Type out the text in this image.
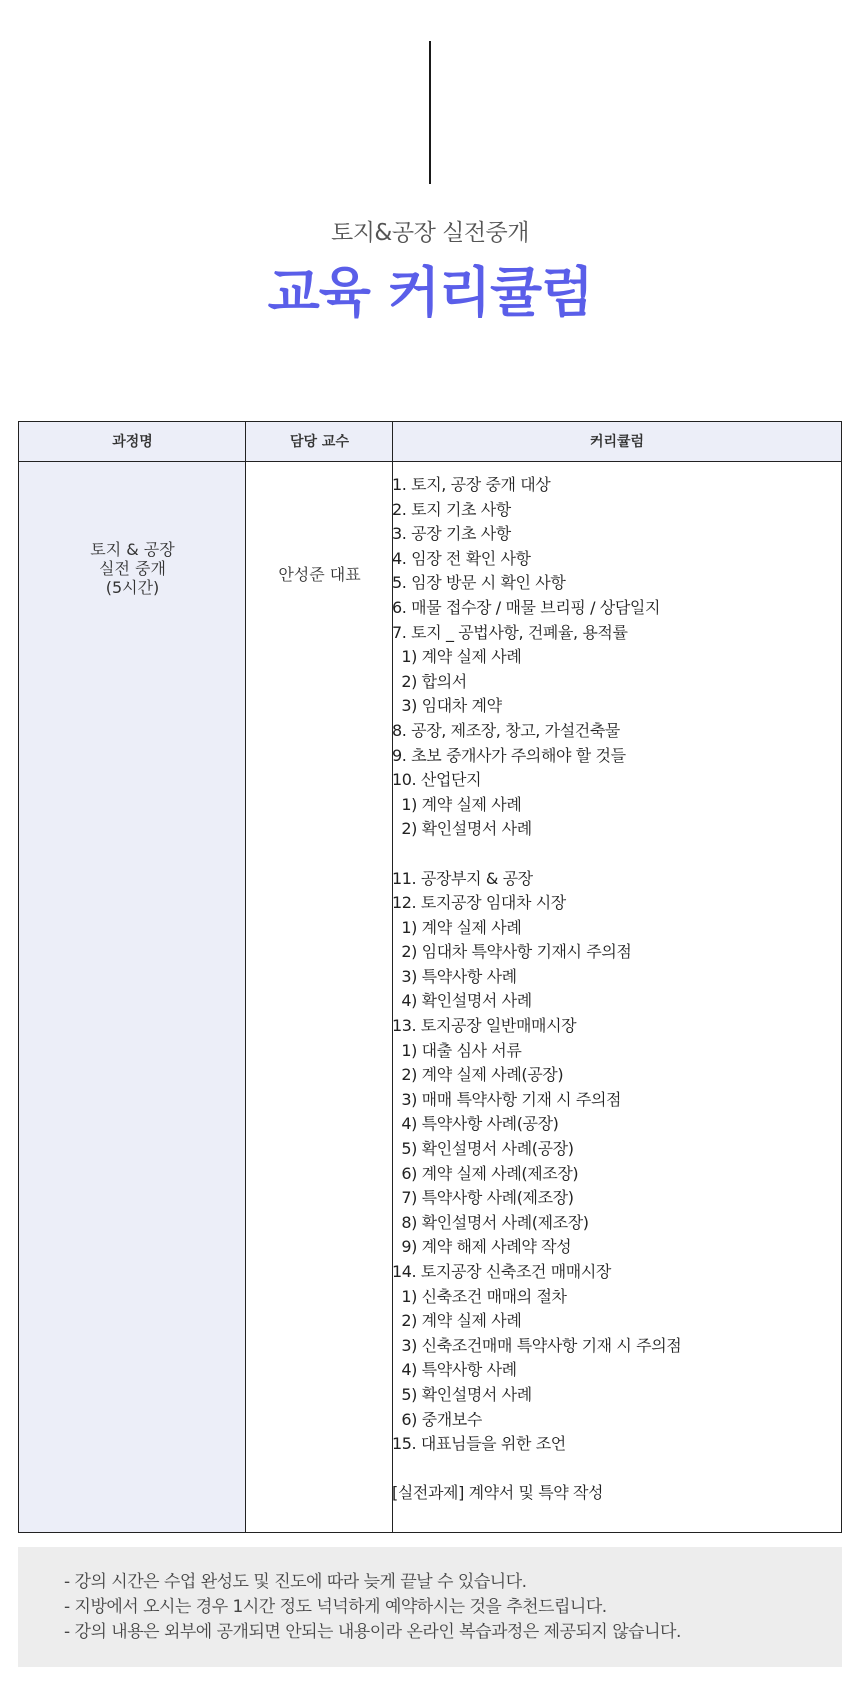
토지&공장 실전중개
교육 커리큘럼
과정명	담당 교수	커리큘럼
토지 & 공장
실전 중개
(5시간)
안성준 대표
1. 토지, 공장 중개 대상
2. 토지 기초 사항
3. 공장 기초 사항
4. 임장 전 확인 사항
5. 임장 방문 시 확인 사항
6. 매물 접수장 / 매물 브리핑 / 상담일지
7. 토지 _ 공법사항, 건폐율, 용적률
1) 계약 실제 사례
2) 합의서
3) 임대차 계약
8. 공장, 제조장, 창고, 가설건축물
9. 초보 중개사가 주의해야 할 것들
10. 산업단지
1) 계약 실제 사례
2) 확인설명서 사례
11. 공장부지 & 공장
12. 토지공장 임대차 시장
1) 계약 실제 사례
2) 임대차 특약사항 기재시 주의점
3) 특약사항 사례
4) 확인설명서 사례
13. 토지공장 일반매매시장
1) 대출 심사 서류
2) 계약 실제 사례(공장)
3) 매매 특약사항 기재 시 주의점
4) 특약사항 사례(공장)
5) 확인설명서 사례(공장)
6) 계약 실제 사례(제조장)
7) 특약사항 사례(제조장)
8) 확인설명서 사례(제조장)
9) 계약 해제 사례약 작성
14. 토지공장 신축조건 매매시장
1) 신축조건 매매의 절차
2) 계약 실제 사례
3) 신축조건매매 특약사항 기재 시 주의점
4) 특약사항 사례
5) 확인설명서 사례
6) 중개보수
15. 대표님들을 위한 조언
[실전과제] 계약서 및 특약 작성

- 강의 시간은 수업 완성도 및 진도에 따라 늦게 끝날 수 있습니다.

- 지방에서 오시는 경우 1시간 정도 넉넉하게 예약하시는 것을 추천드립니다.

- 강의 내용은 외부에 공개되면 안되는 내용이라 온라인 복습과정은 제공되지 않습니다.
